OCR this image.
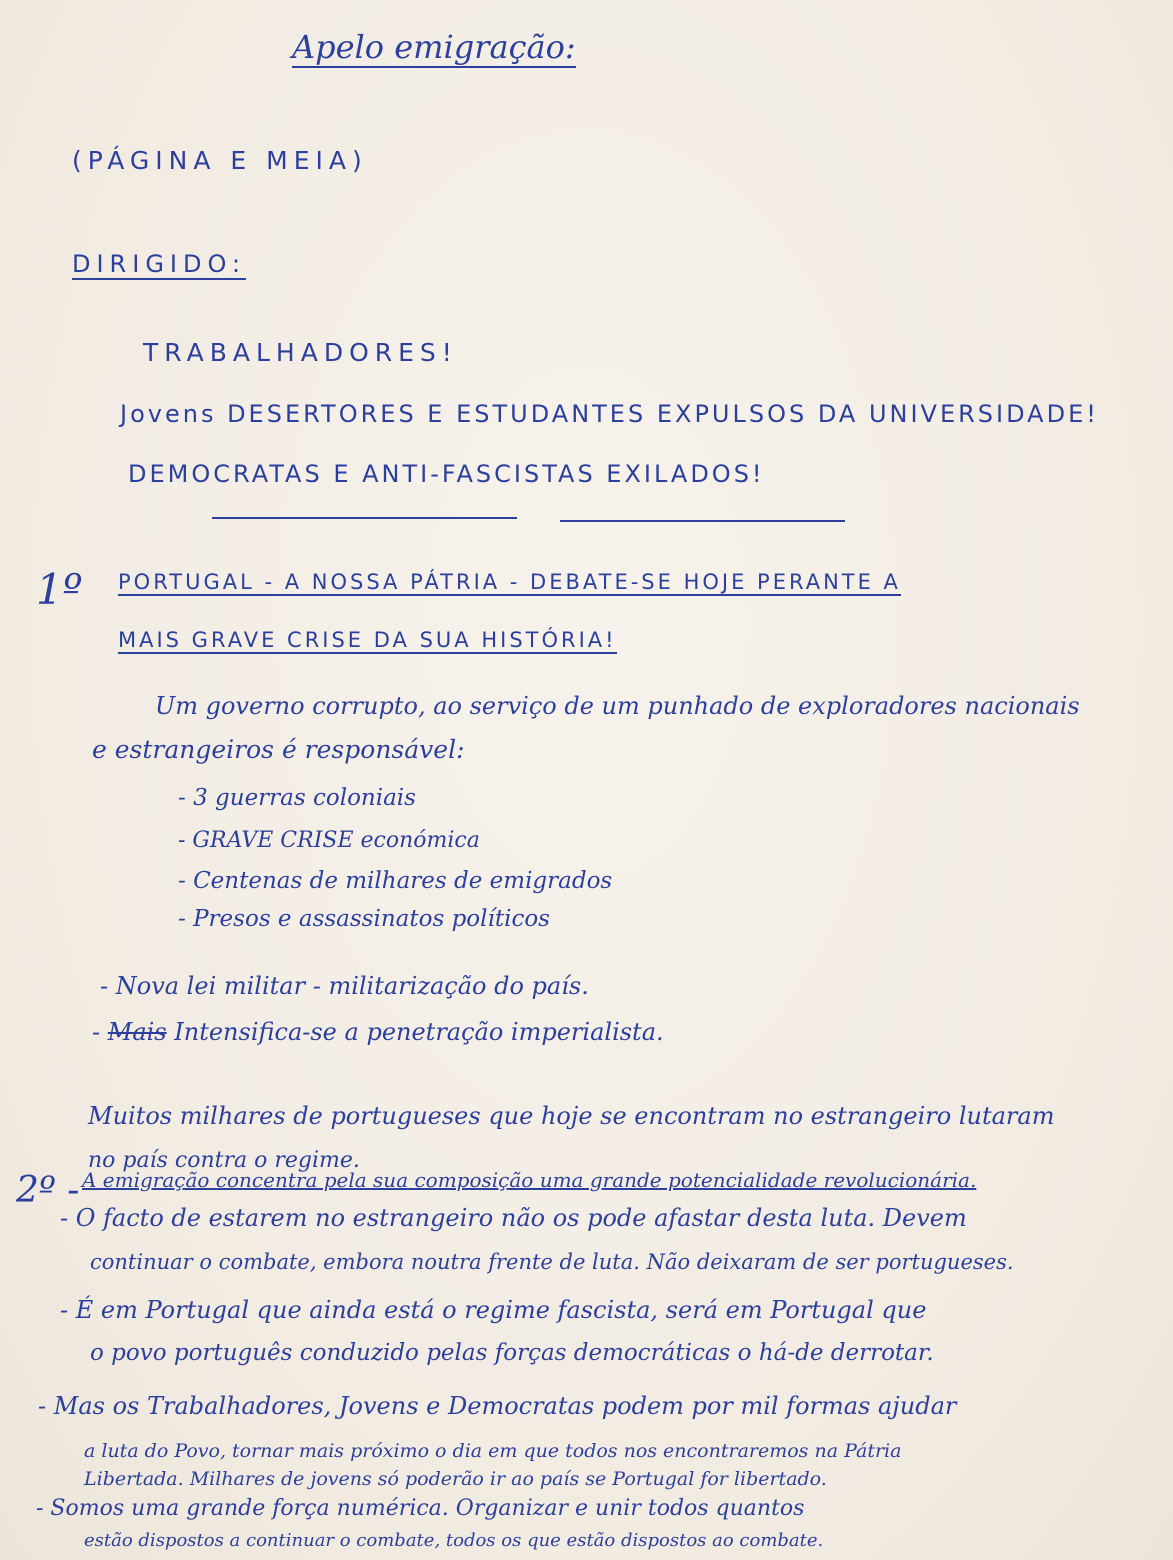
Apelo emigração:
(PÁGINA E MEIA)
DIRIGIDO:
TRABALHADORES!
Jovens DESERTORES E ESTUDANTES EXPULSOS DA UNIVERSIDADE!
DEMOCRATAS E ANTI-FASCISTAS EXILADOS!
1º PORTUGAL - A NOSSA PÁTRIA - DEBATE-SE HOJE PERANTE A
MAIS GRAVE CRISE DA SUA HISTÓRIA!
Um governo corrupto, ao serviço de um punhado de exploradores nacionais
e estrangeiros é responsável:
- 3 guerras coloniais
- GRAVE CRISE económica
- Centenas de milhares de emigrados
- Presos e assassinatos políticos
- Nova lei militar - militarização do país.
- Mais Intensifica-se a penetração imperialista.
Muitos milhares de portugueses que hoje se encontram no estrangeiro lutaram
no país contra o regime.
2º - A emigração concentra pela sua composição uma grande potencialidade revolucionária.
- O facto de estarem no estrangeiro não os pode afastar desta luta. Devem
continuar o combate, embora noutra frente de luta. Não deixaram de ser portugueses.
- É em Portugal que ainda está o regime fascista, será em Portugal que
o povo português conduzido pelas forças democráticas o há-de derrotar.
- Mas os Trabalhadores, Jovens e Democratas podem por mil formas ajudar
a luta do Povo, tornar mais próximo o dia em que todos nos encontraremos na Pátria
Libertada. Milhares de jovens só poderão ir ao país se Portugal for libertado.
- Somos uma grande força numérica. Organizar e unir todos quantos
estão dispostos a continuar o combate, todos os que estão dispostos ao combate.
